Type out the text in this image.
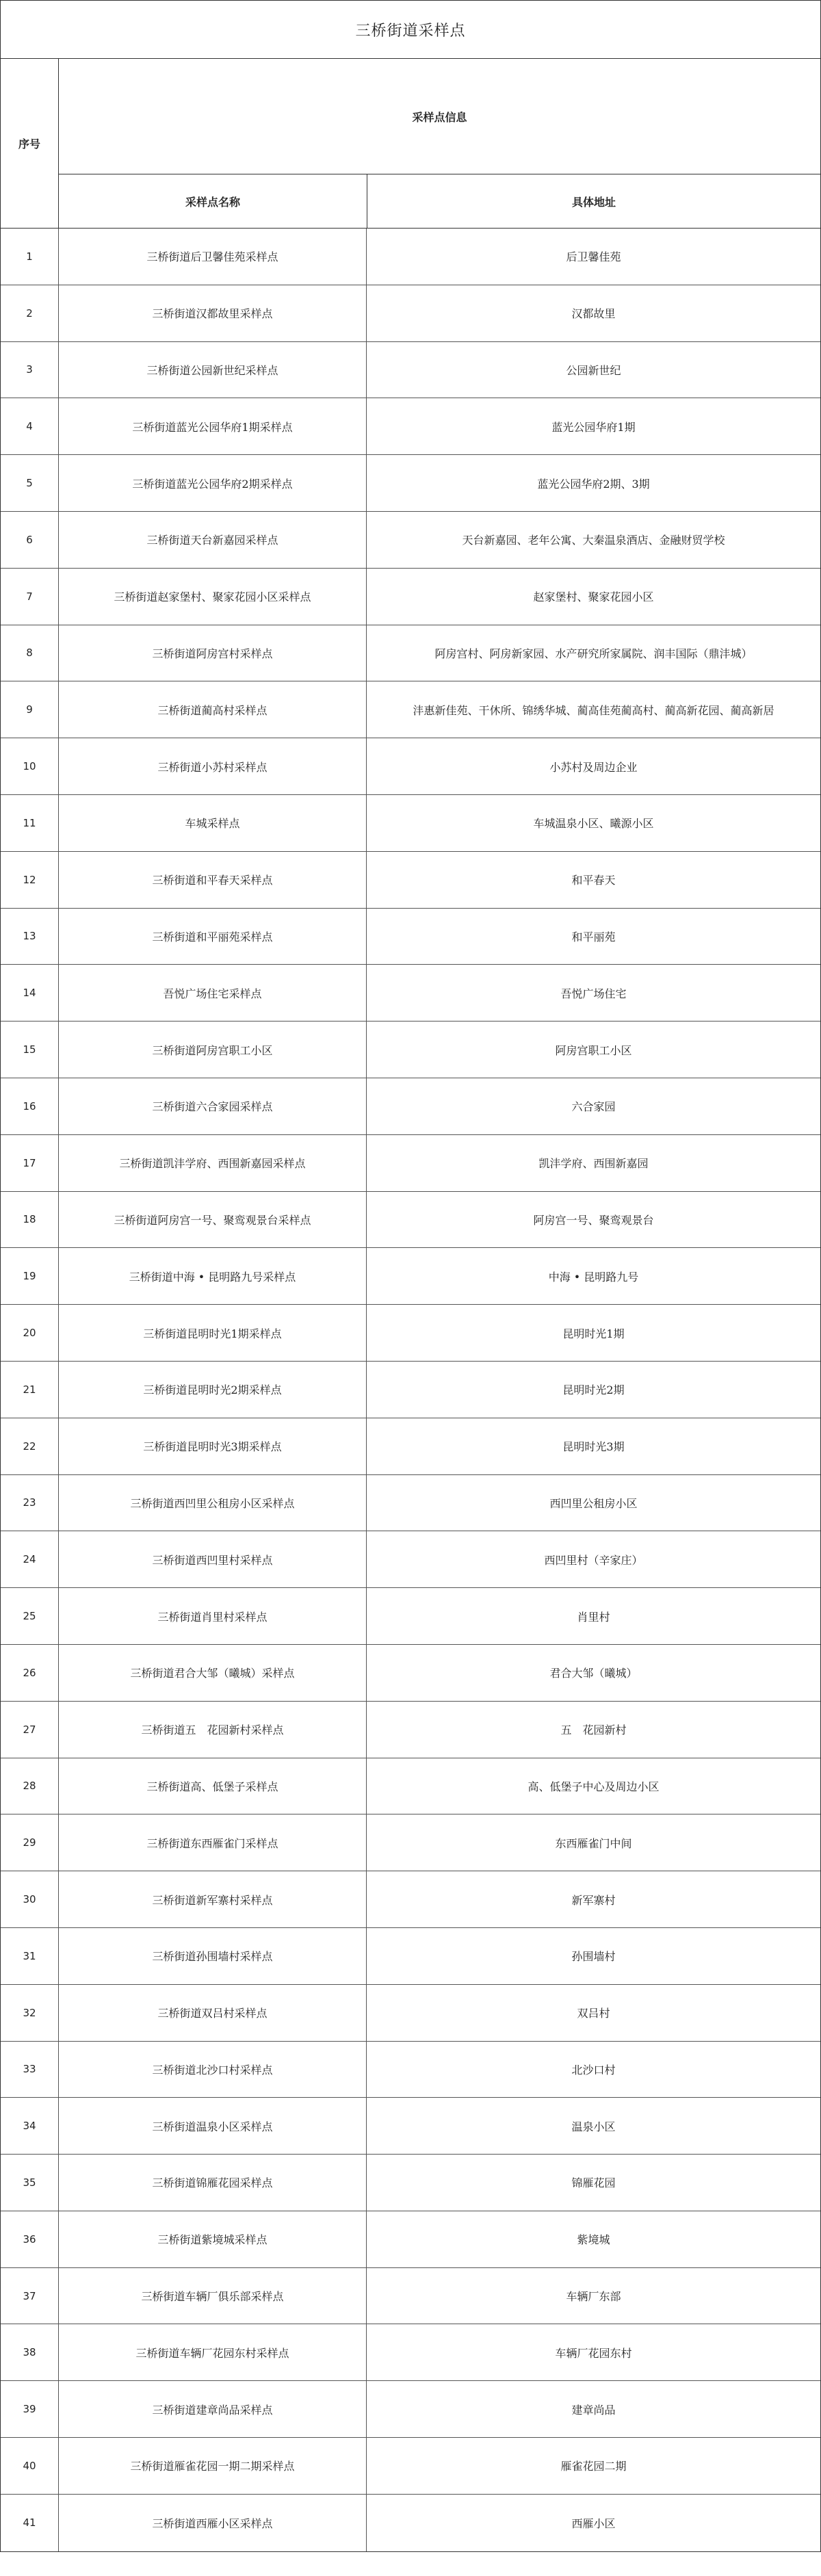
三桥街道采样点
序号
采样点信息
采样点名称	具体地址
1	三桥街道后卫馨佳苑采样点	后卫馨佳苑
2	三桥街道汉都故里采样点	汉都故里
3	三桥街道公园新世纪采样点	公园新世纪
4	三桥街道蓝光公园华府1期采样点	蓝光公园华府1期
5	三桥街道蓝光公园华府2期采样点	蓝光公园华府2期、3期
6	三桥街道天台新嘉园采样点	天台新嘉园、老年公寓、大秦温泉酒店、金融财贸学校
7	三桥街道赵家堡村、聚家花园小区采样点	赵家堡村、聚家花园小区
8	三桥街道阿房宫村采样点	阿房宫村、阿房新家园、水产研究所家属院、润丰国际（鼎沣城）
9	三桥街道蔺高村采样点	沣惠新佳苑、干休所、锦绣华城、蔺高佳苑蔺高村、蔺高新花园、蔺高新居
10	三桥街道小苏村采样点	小苏村及周边企业
11	车城采样点	车城温泉小区、曦源小区
12	三桥街道和平春天采样点	和平春天
13	三桥街道和平丽苑采样点	和平丽苑
14	吾悦广场住宅采样点	吾悦广场住宅
15	三桥街道阿房宫职工小区	阿房宫职工小区
16	三桥街道六合家园采样点	六合家园
17	三桥街道凯沣学府、西围新嘉园采样点	凯沣学府、西围新嘉园
18	三桥街道阿房宫一号、聚鸾观景台采样点	阿房宫一号、聚鸾观景台
19	三桥街道中海 • 昆明路九号采样点	中海 • 昆明路九号
20	三桥街道昆明时光1期采样点	昆明时光1期
21	三桥街道昆明时光2期采样点	昆明时光2期
22	三桥街道昆明时光3期采样点	昆明时光3期
23	三桥街道西凹里公租房小区采样点	西凹里公租房小区
24	三桥街道西凹里村采样点	西凹里村（辛家庄）
25	三桥街道肖里村采样点	肖里村
26	三桥街道君合大邹（曦城）采样点	君合大邹（曦城）
27	三桥街道五　花园新村采样点	五　花园新村
28	三桥街道高、低堡子采样点	高、低堡子中心及周边小区
29	三桥街道东西雁雀门采样点	东西雁雀门中间
30	三桥街道新军寨村采样点	新军寨村
31	三桥街道孙围墙村采样点	孙围墙村
32	三桥街道双吕村采样点	双吕村
33	三桥街道北沙口村采样点	北沙口村
34	三桥街道温泉小区采样点	温泉小区
35	三桥街道锦雁花园采样点	锦雁花园
36	三桥街道紫境城采样点	紫境城
37	三桥街道车辆厂俱乐部采样点	车辆厂东部
38	三桥街道车辆厂花园东村采样点	车辆厂花园东村
39	三桥街道建章尚品采样点	建章尚品
40	三桥街道雁雀花园一期二期采样点	雁雀花园二期
41	三桥街道西雁小区采样点	西雁小区
